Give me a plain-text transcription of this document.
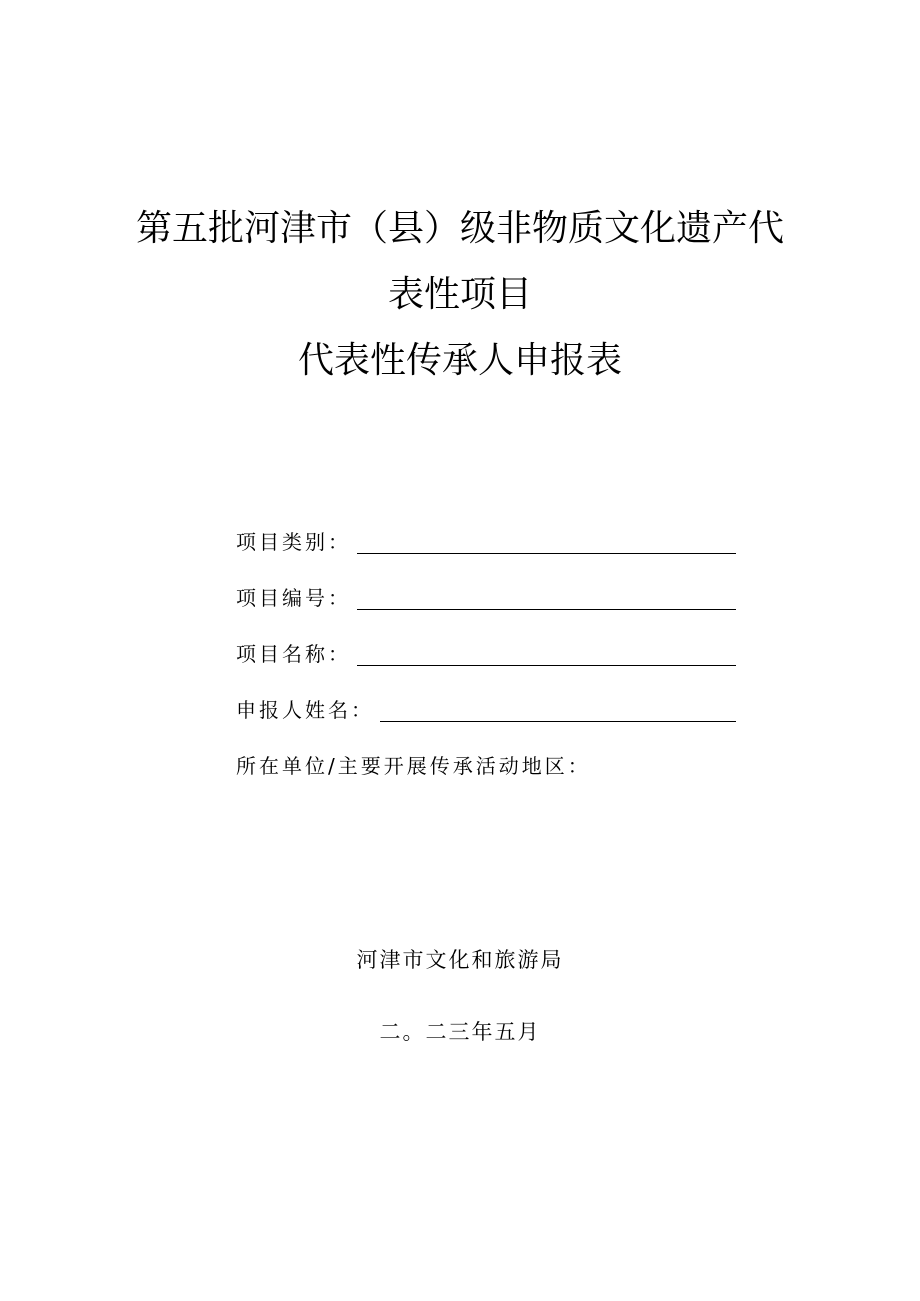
第五批河津市（县）级非物质文化遗产代
表性项目
代表性传承人申报表
项目类别：
项目编号：
项目名称：
申报人姓名：
所在单位/主要开展传承活动地区：
河津市文化和旅游局
二。二三年五月
